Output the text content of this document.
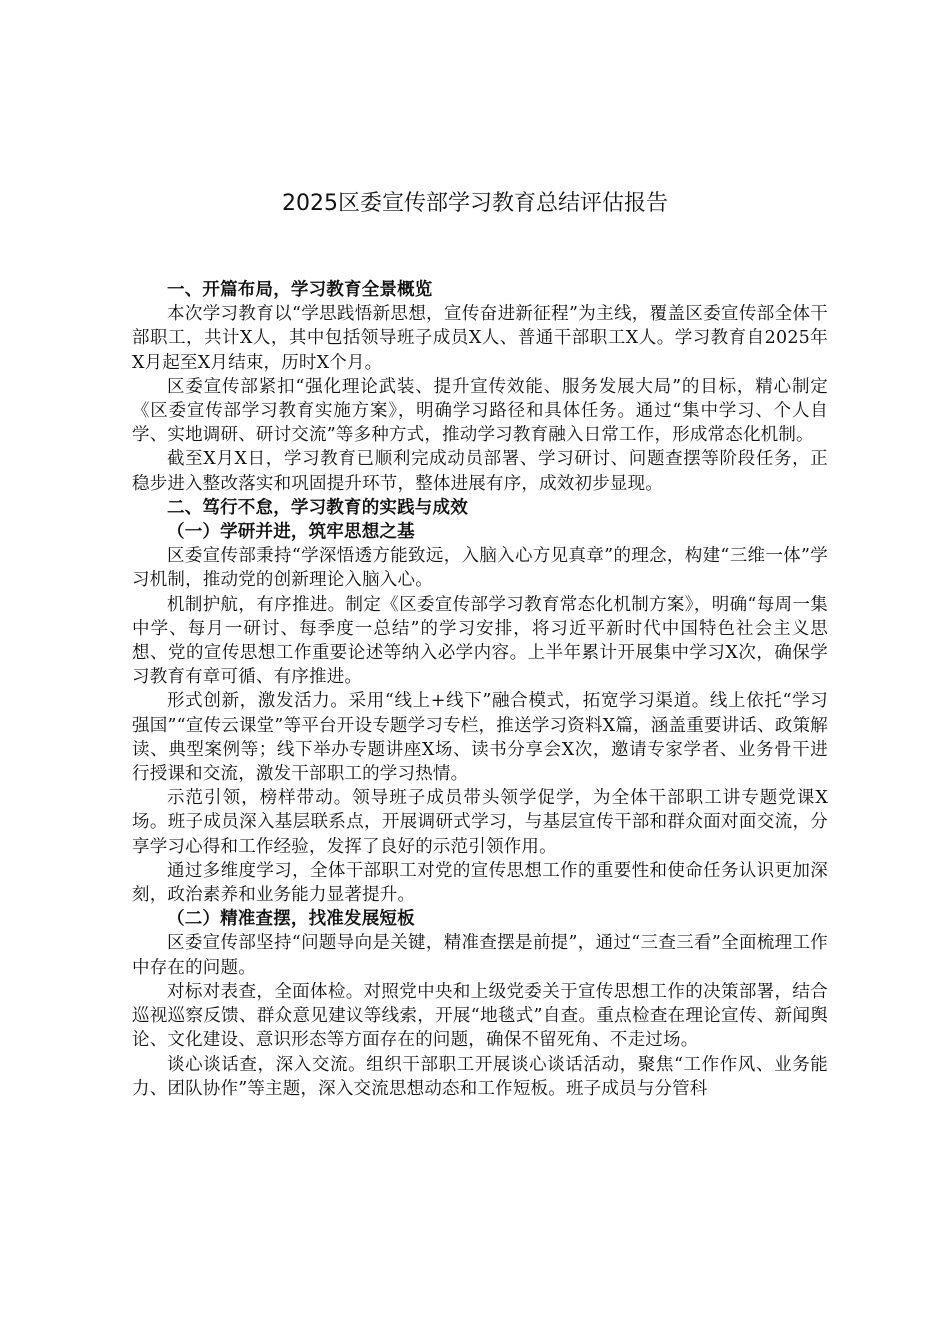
2025区委宣传部学习教育总结评估报告

一、开篇布局，学习教育全景概览

本次学习教育以“学思践悟新思想，宣传奋进新征程”为主线，覆盖区委宣传部全体干部职工，共计X人，其中包括领导班子成员X人、普通干部职工X人。学习教育自2025年X月起至X月结束，历时X个月。

区委宣传部紧扣“强化理论武装、提升宣传效能、服务发展大局”的目标，精心制定《区委宣传部学习教育实施方案》，明确学习路径和具体任务。通过“集中学习、个人自学、实地调研、研讨交流”等多种方式，推动学习教育融入日常工作，形成常态化机制。

截至X月X日，学习教育已顺利完成动员部署、学习研讨、问题查摆等阶段任务，正稳步进入整改落实和巩固提升环节，整体进展有序，成效初步显现。

二、笃行不怠，学习教育的实践与成效

（一）学研并进，筑牢思想之基

区委宣传部秉持“学深悟透方能致远，入脑入心方见真章”的理念，构建“三维一体”学习机制，推动党的创新理论入脑入心。

机制护航，有序推进。制定《区委宣传部学习教育常态化机制方案》，明确“每周一集中学、每月一研讨、每季度一总结”的学习安排，将习近平新时代中国特色社会主义思想、党的宣传思想工作重要论述等纳入必学内容。上半年累计开展集中学习X次，确保学习教育有章可循、有序推进。

形式创新，激发活力。采用“线上+线下”融合模式，拓宽学习渠道。线上依托“学习强国”“宣传云课堂”等平台开设专题学习专栏，推送学习资料X篇，涵盖重要讲话、政策解读、典型案例等；线下举办专题讲座X场、读书分享会X次，邀请专家学者、业务骨干进行授课和交流，激发干部职工的学习热情。

示范引领，榜样带动。领导班子成员带头领学促学，为全体干部职工讲专题党课X场。班子成员深入基层联系点，开展调研式学习，与基层宣传干部和群众面对面交流，分享学习心得和工作经验，发挥了良好的示范引领作用。

通过多维度学习，全体干部职工对党的宣传思想工作的重要性和使命任务认识更加深刻，政治素养和业务能力显著提升。

（二）精准查摆，找准发展短板

区委宣传部坚持“问题导向是关键，精准查摆是前提”，通过“三查三看”全面梳理工作中存在的问题。

对标对表查，全面体检。对照党中央和上级党委关于宣传思想工作的决策部署，结合巡视巡察反馈、群众意见建议等线索，开展“地毯式”自查。重点检查在理论宣传、新闻舆论、文化建设、意识形态等方面存在的问题，确保不留死角、不走过场。

谈心谈话查，深入交流。组织干部职工开展谈心谈话活动，聚焦“工作作风、业务能力、团队协作”等主题，深入交流思想动态和工作短板。班子成员与分管科
